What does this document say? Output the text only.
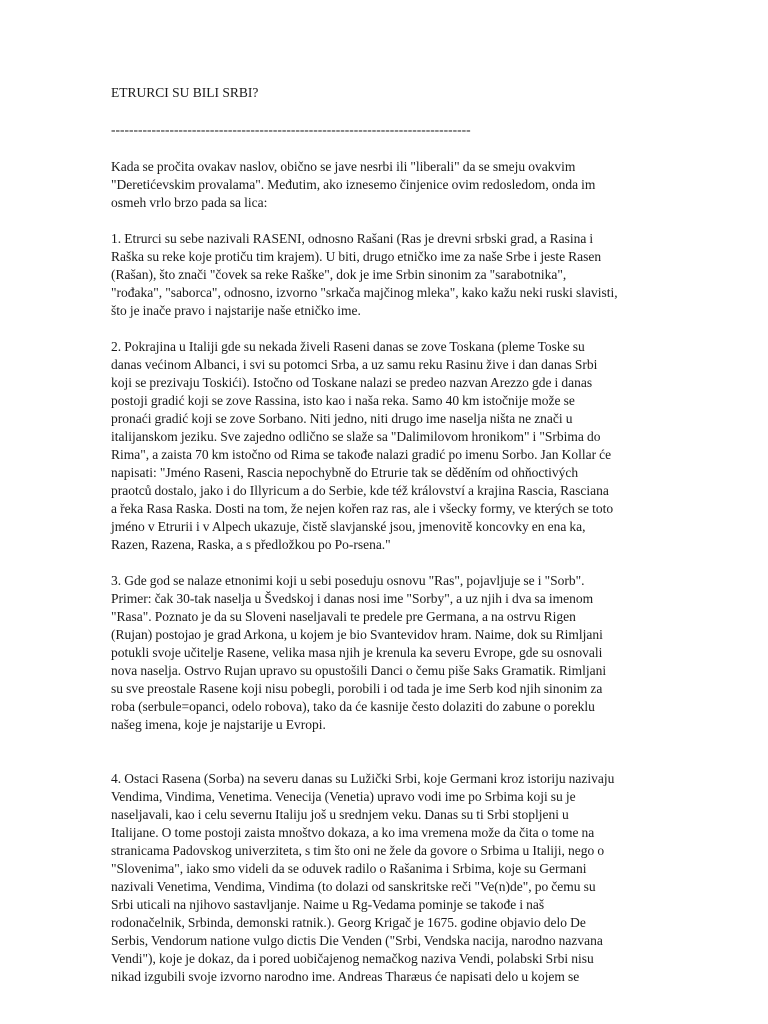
ETRURCI SU BILI SRBI?
--------------------------------------------------------------------------------
Kada se pročita ovakav naslov, obično se jave nesrbi ili "liberali" da se smeju ovakvim
"Deretićevskim provalama". Međutim, ako iznesemo činjenice ovim redosledom, onda im
osmeh vrlo brzo pada sa lica:
1. Etrurci su sebe nazivali RASENI, odnosno Rašani (Ras je drevni srbski grad, a Rasina i
Raška su reke koje protiču tim krajem). U biti, drugo etničko ime za naše Srbe i jeste Rasen
(Rašan), što znači "čovek sa reke Raške", dok je ime Srbin sinonim za "sarabotnika",
"rođaka", "saborca", odnosno, izvorno "srkača majčinog mleka", kako kažu neki ruski slavisti,
što je inače pravo i najstarije naše etničko ime.
2. Pokrajina u Italiji gde su nekada živeli Raseni danas se zove Toskana (pleme Toske su
danas većinom Albanci, i svi su potomci Srba, a uz samu reku Rasinu žive i dan danas Srbi
koji se prezivaju Toskići). Istočno od Toskane nalazi se predeo nazvan Arezzo gde i danas
postoji gradić koji se zove Rassina, isto kao i naša reka. Samo 40 km istočnije može se
pronaći gradić koji se zove Sorbano. Niti jedno, niti drugo ime naselja ništa ne znači u
italijanskom jeziku. Sve zajedno odlično se slaže sa "Dalimilovom hronikom" i "Srbima do
Rima", a zaista 70 km istočno od Rima se takođe nalazi gradić po imenu Sorbo. Jan Kollar će
napisati: "Jméno Raseni, Rascia nepochybně do Etrurie tak se děděním od ohňoctivých
praotců dostalo, jako i do Illyricum a do Serbie, kde též království a krajina Rascia, Rasciana
a řeka Rasa Raska. Dosti na tom, že nejen kořen raz ras, ale i všecky formy, ve kterých se toto
jméno v Etrurii i v Alpech ukazuje, čistě slavjanské jsou, jmenovitě koncovky en ena ka,
Razen, Razena, Raska, a s předložkou po Po-rsena."
3. Gde god se nalaze etnonimi koji u sebi poseduju osnovu "Ras", pojavljuje se i "Sorb".
Primer: čak 30-tak naselja u Švedskoj i danas nosi ime "Sorby", a uz njih i dva sa imenom
"Rasa". Poznato je da su Sloveni naseljavali te predele pre Germana, a na ostrvu Rigen
(Rujan) postojao je grad Arkona, u kojem je bio Svantevidov hram. Naime, dok su Rimljani
potukli svoje učitelje Rasene, velika masa njih je krenula ka severu Evrope, gde su osnovali
nova naselja. Ostrvo Rujan upravo su opustošili Danci o čemu piše Saks Gramatik. Rimljani
su sve preostale Rasene koji nisu pobegli, porobili i od tada je ime Serb kod njih sinonim za
roba (serbule=opanci, odelo robova), tako da će kasnije često dolaziti do zabune o poreklu
našeg imena, koje je najstarije u Evropi.
4. Ostaci Rasena (Sorba) na severu danas su Lužički Srbi, koje Germani kroz istoriju nazivaju
Vendima, Vindima, Venetima. Venecija (Venetia) upravo vodi ime po Srbima koji su je
naseljavali, kao i celu severnu Italiju još u srednjem veku. Danas su ti Srbi stopljeni u
Italijane. O tome postoji zaista mnoštvo dokaza, a ko ima vremena može da čita o tome na
stranicama Padovskog univerziteta, s tim što oni ne žele da govore o Srbima u Italiji, nego o
"Slovenima", iako smo videli da se oduvek radilo o Rašanima i Srbima, koje su Germani
nazivali Venetima, Vendima, Vindima (to dolazi od sanskritske reči "Ve(n)de", po čemu su
Srbi uticali na njihovo sastavljanje. Naime u Rg-Vedama pominje se takođe i naš
rodonačelnik, Srbinda, demonski ratnik.). Georg Krigač je 1675. godine objavio delo De
Serbis, Vendorum natione vulgo dictis Die Venden ("Srbi, Vendska nacija, narodno nazvana
Vendi"), koje je dokaz, da i pored uobičajenog nemačkog naziva Vendi, polabski Srbi nisu
nikad izgubili svoje izvorno narodno ime. Andreas Tharæus će napisati delo u kojem se
